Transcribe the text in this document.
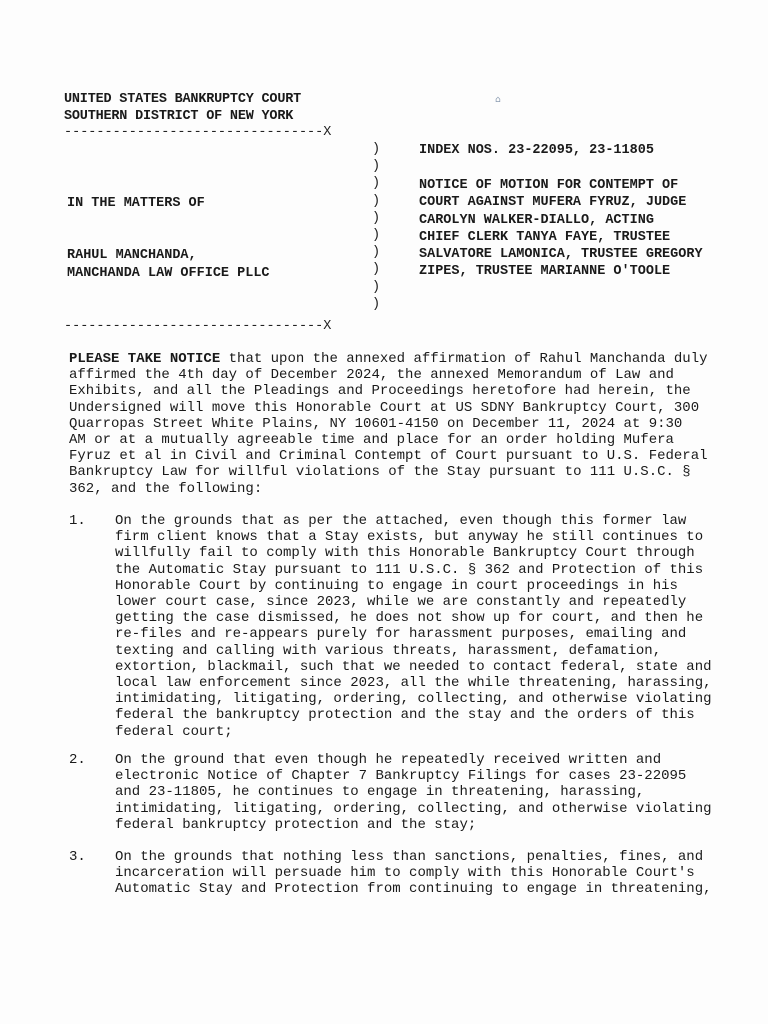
⌂
UNITED STATES BANKRUPTCY COURT
SOUTHERN DISTRICT OF NEW YORK
--------------------------------X
)
)
)
)
)
)
)
)
)
)
IN THE MATTERS OF
RAHUL MANCHANDA,
MANCHANDA LAW OFFICE PLLC
--------------------------------X
INDEX NOS. 23-22095, 23-11805
NOTICE OF MOTION FOR CONTEMPT OF
COURT AGAINST MUFERA FYRUZ, JUDGE
CAROLYN WALKER-DIALLO, ACTING
CHIEF CLERK TANYA FAYE, TRUSTEE
SALVATORE LAMONICA, TRUSTEE GREGORY
ZIPES, TRUSTEE MARIANNE O'TOOLE
PLEASE TAKE NOTICE that upon the annexed affirmation of Rahul Manchanda duly
affirmed the 4th day of December 2024, the annexed Memorandum of Law and
Exhibits, and all the Pleadings and Proceedings heretofore had herein, the
Undersigned will move this Honorable Court at US SDNY Bankruptcy Court, 300
Quarropas Street White Plains, NY 10601-4150 on December 11, 2024 at 9:30
AM or at a mutually agreeable time and place for an order holding Mufera
Fyruz et al in Civil and Criminal Contempt of Court pursuant to U.S. Federal
Bankruptcy Law for willful violations of the Stay pursuant to 111 U.S.C. §
362, and the following:
1. On the grounds that as per the attached, even though this former law
firm client knows that a Stay exists, but anyway he still continues to
willfully fail to comply with this Honorable Bankruptcy Court through
the Automatic Stay pursuant to 111 U.S.C. § 362 and Protection of this
Honorable Court by continuing to engage in court proceedings in his
lower court case, since 2023, while we are constantly and repeatedly
getting the case dismissed, he does not show up for court, and then he
re-files and re-appears purely for harassment purposes, emailing and
texting and calling with various threats, harassment, defamation,
extortion, blackmail, such that we needed to contact federal, state and
local law enforcement since 2023, all the while threatening, harassing,
intimidating, litigating, ordering, collecting, and otherwise violating
federal the bankruptcy protection and the stay and the orders of this
federal court;
2. On the ground that even though he repeatedly received written and
electronic Notice of Chapter 7 Bankruptcy Filings for cases 23-22095
and 23-11805, he continues to engage in threatening, harassing,
intimidating, litigating, ordering, collecting, and otherwise violating
federal bankruptcy protection and the stay;
3. On the grounds that nothing less than sanctions, penalties, fines, and
incarceration will persuade him to comply with this Honorable Court's
Automatic Stay and Protection from continuing to engage in threatening,
